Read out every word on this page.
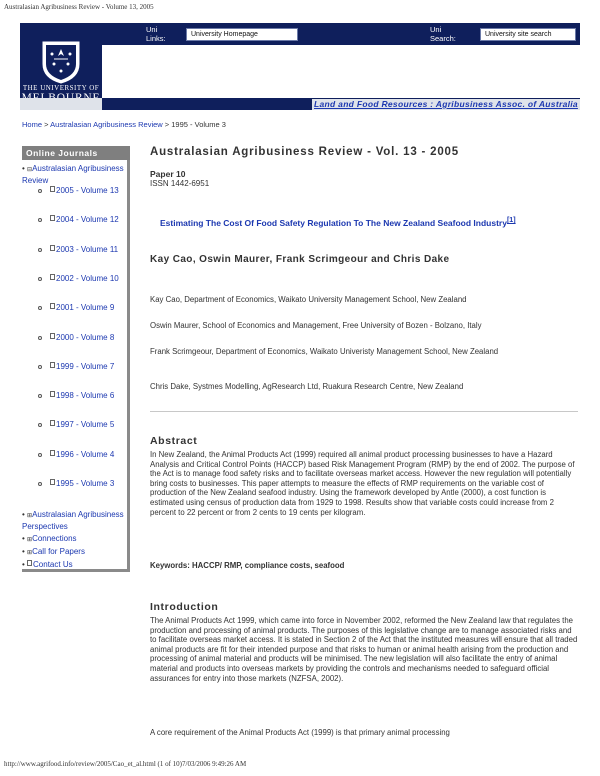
Australasian Agribusiness Review - Volume 13, 2005
Uni Links:	University Homepage
Uni Search:	University site search
THE UNIVERSITY OF
Land and Food Resources : Agribusiness Assoc. of Australia
Home > Australasian Agribusiness Review > 1995 - Volume 3
Online Journals
• ⊟Australasian Agribusiness Review
2005 - Volume 13
2004 - Volume 12
2003 - Volume 11
2002 - Volume 10
2001 - Volume 9
2000 - Volume 8
1999 - Volume 7
1998 - Volume 6
1997 - Volume 5
1996 - Volume 4
1995 - Volume 3
• ⊞Australasian Agribusiness Perspectives
• ⊞Connections
• ⊞Call for Papers
• Contact Us
Australasian Agribusiness Review - Vol. 13 - 2005
Paper 10
ISSN 1442-6951
Estimating The Cost Of Food Safety Regulation To The New Zealand Seafood Industry[1]
Kay Cao, Oswin Maurer, Frank Scrimgeour and Chris Dake
Kay Cao, Department of Economics, Waikato University Management School, New Zealand
Oswin Maurer, School of Economics and Management, Free University of Bozen - Bolzano, Italy
Frank Scrimgeour, Department of Economics, Waikato Univeristy Management School, New Zealand
Chris Dake, Systmes Modelling, AgResearch Ltd, Ruakura Research Centre, New Zealand
Abstract
In New Zealand, the Animal Products Act (1999) required all animal product processing businesses to have a Hazard Analysis and Critical Control Points (HACCP) based Risk Management Program (RMP) by the end of 2002. The purpose of the Act is to manage food safety risks and to facilitate overseas market access. However the new regulation will potentially bring costs to businesses. This paper attempts to measure the effects of RMP requirements on the variable cost of production of the New Zealand seafood industry. Using the framework developed by Antle (2000), a cost function is estimated using census of production data from 1929 to 1998. Results show that variable costs could increase from 2 percent to 22 percent or from 2 cents to 19 cents per kilogram.
Keywords: HACCP/ RMP, compliance costs, seafood
Introduction
The Animal Products Act 1999, which came into force in November 2002, reformed the New Zealand law that regulates the production and processing of animal products. The purposes of this legislative change are to manage associated risks and to facilitate overseas market access. It is stated in Section 2 of the Act that the instituted measures will ensure that all traded animal products are fit for their intended purpose and that risks to human or animal health arising from the production and processing of animal material and products will be minimised. The new legislation will also facilitate the entry of animal material and products into overseas markets by providing the controls and mechanisms needed to safeguard official assurances for entry into those markets (NZFSA, 2002).
A core requirement of the Animal Products Act (1999) is that primary animal processing
http://www.agrifood.info/review/2005/Cao_et_al.html (1 of 10)7/03/2006 9:49:26 AM
